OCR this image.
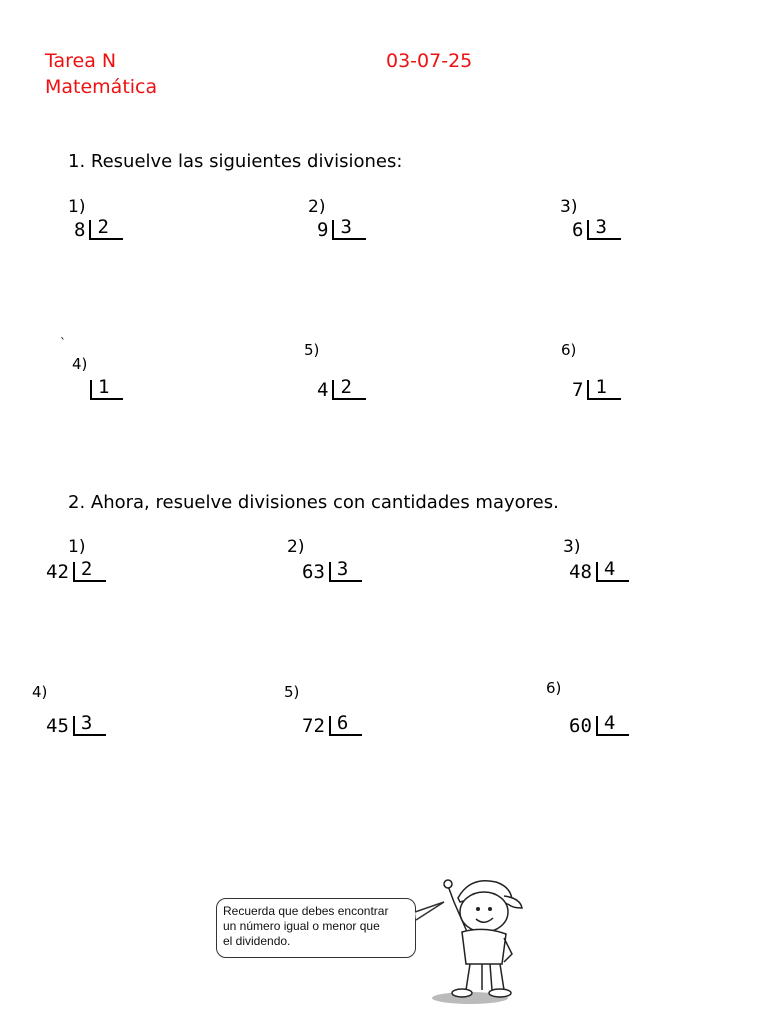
Tarea N
Matemática
03-07-25
1. Resuelve las siguientes divisiones:
1)
8 2
2)
9 3
3)
6 3
`
4)
1
5)
4 2
6)
7 1
2. Ahora, resuelve divisiones con cantidades mayores.
1)
42 2
2)
63 3
3)
48 4
4)
45 3
5)
72 6
6)
60 4
Recuerda que debes encontrar
un número igual o menor que
el dividendo.
